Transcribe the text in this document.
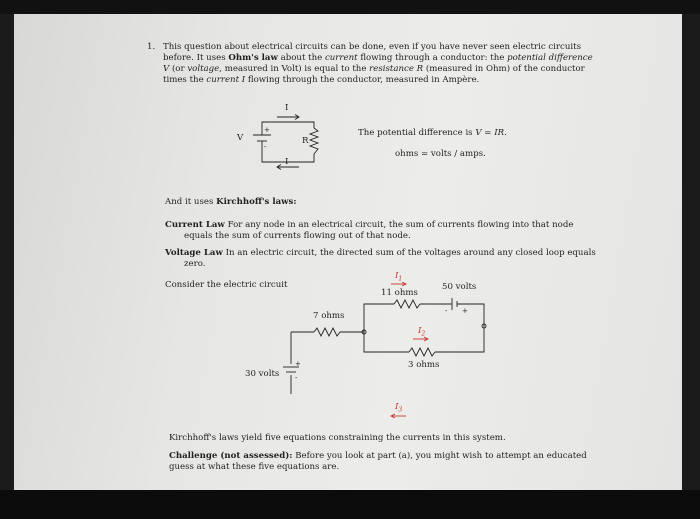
1. This question about electrical circuits can be done, even if you have never seen electric circuits
before. It uses Ohm's law about the current flowing through a conductor: the potential difference
V (or voltage, measured in Volt) is equal to the resistance R (measured in Ohm) of the conductor
times the current I flowing through the conductor, measured in Ampère.
I
I
V	R
+
-
The potential difference is V = IR.
ohms = volts / amps.
And it uses Kirchhoff's laws:
Current Law For any node in an electrical circuit, the sum of currents flowing into that node
equals the sum of currents flowing out of that node.
Voltage Law In an electric circuit, the directed sum of the voltages around any closed loop equals
zero.
Consider the electric circuit
$I_1$
11 ohms
50 volts
+
-
7 ohms
$I_2$
3 ohms
30 volts
+
-
$I_3$
Kirchhoff's laws yield five equations constraining the currents in this system.
Challenge (not assessed): Before you look at part (a), you might wish to attempt an educated
guess at what these five equations are.
